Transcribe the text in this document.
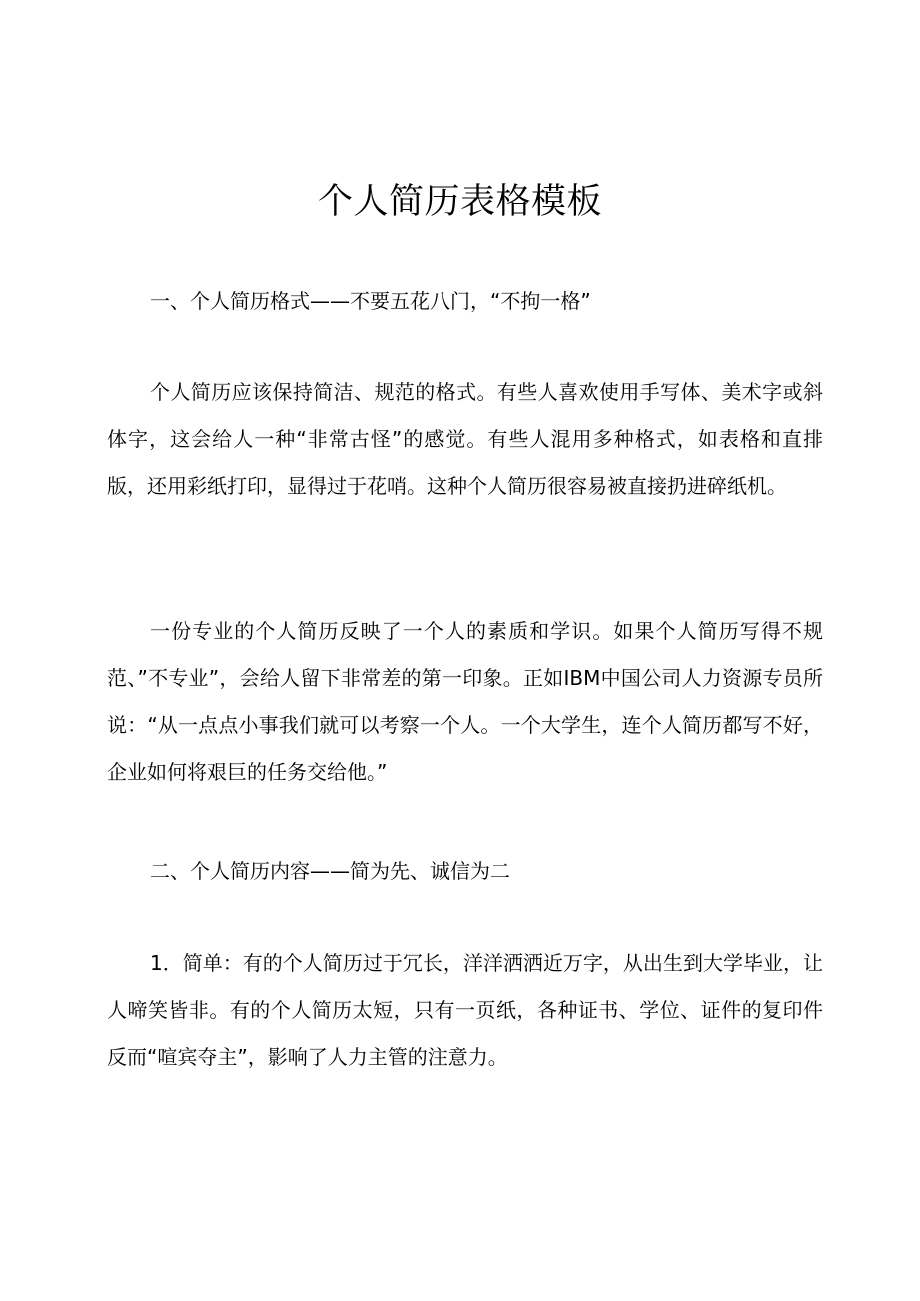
个人简历表格模板
一、个人简历格式——不要五花八门，“不拘一格”
个人简历应该保持简洁、规范的格式。有些人喜欢使用手写体、美术字或斜体字，这会给人一种“非常古怪”的感觉。有些人混用多种格式，如表格和直排版，还用彩纸打印，显得过于花哨。这种个人简历很容易被直接扔进碎纸机。
一份专业的个人简历反映了一个人的素质和学识。如果个人简历写得不规范、”不专业”，会给人留下非常差的第一印象。正如IBM中国公司人力资源专员所说：“从一点点小事我们就可以考察一个人。一个大学生，连个人简历都写不好，企业如何将艰巨的任务交给他。”
二、个人简历内容——简为先、诚信为二
1．简单：有的个人简历过于冗长，洋洋洒洒近万字，从出生到大学毕业，让人啼笑皆非。有的个人简历太短，只有一页纸，各种证书、学位、证件的复印件反而“喧宾夺主”，影响了人力主管的注意力。
